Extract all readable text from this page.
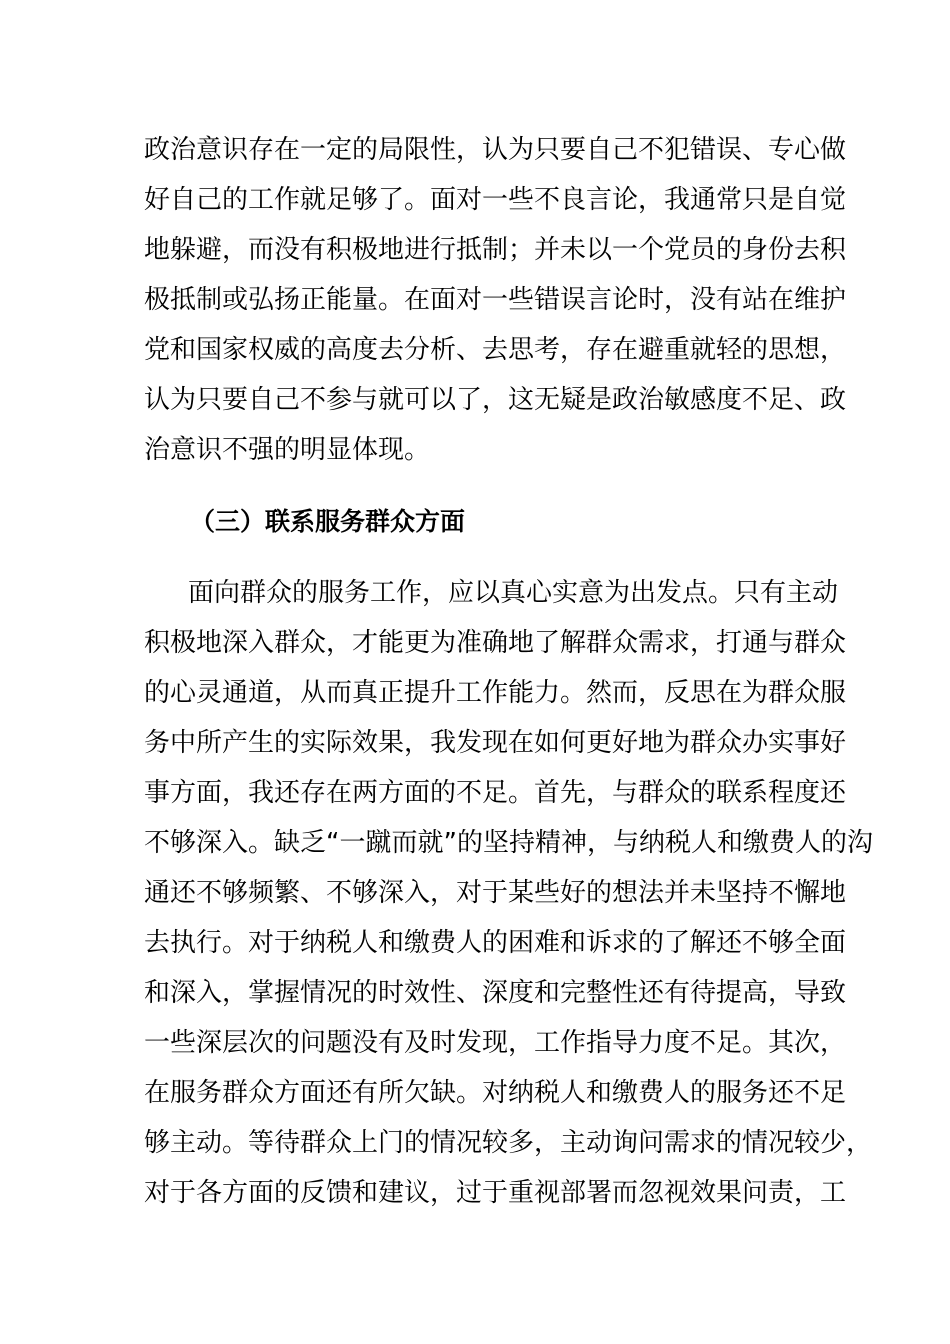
政治意识存在一定的局限性，认为只要自己不犯错误、专心做
好自己的工作就足够了。面对一些不良言论，我通常只是自觉
地躲避，而没有积极地进行抵制；并未以一个党员的身份去积
极抵制或弘扬正能量。在面对一些错误言论时，没有站在维护
党和国家权威的高度去分析、去思考，存在避重就轻的思想，
认为只要自己不参与就可以了，这无疑是政治敏感度不足、政
治意识不强的明显体现。
（三）联系服务群众方面
面向群众的服务工作，应以真心实意为出发点。只有主动
积极地深入群众，才能更为准确地了解群众需求，打通与群众
的心灵通道，从而真正提升工作能力。然而，反思在为群众服
务中所产生的实际效果，我发现在如何更好地为群众办实事好
事方面，我还存在两方面的不足。首先，与群众的联系程度还
不够深入。缺乏“一蹴而就”的坚持精神，与纳税人和缴费人的沟
通还不够频繁、不够深入，对于某些好的想法并未坚持不懈地
去执行。对于纳税人和缴费人的困难和诉求的了解还不够全面
和深入，掌握情况的时效性、深度和完整性还有待提高，导致
一些深层次的问题没有及时发现，工作指导力度不足。其次，
在服务群众方面还有所欠缺。对纳税人和缴费人的服务还不足
够主动。等待群众上门的情况较多，主动询问需求的情况较少，
对于各方面的反馈和建议，过于重视部署而忽视效果问责，工
